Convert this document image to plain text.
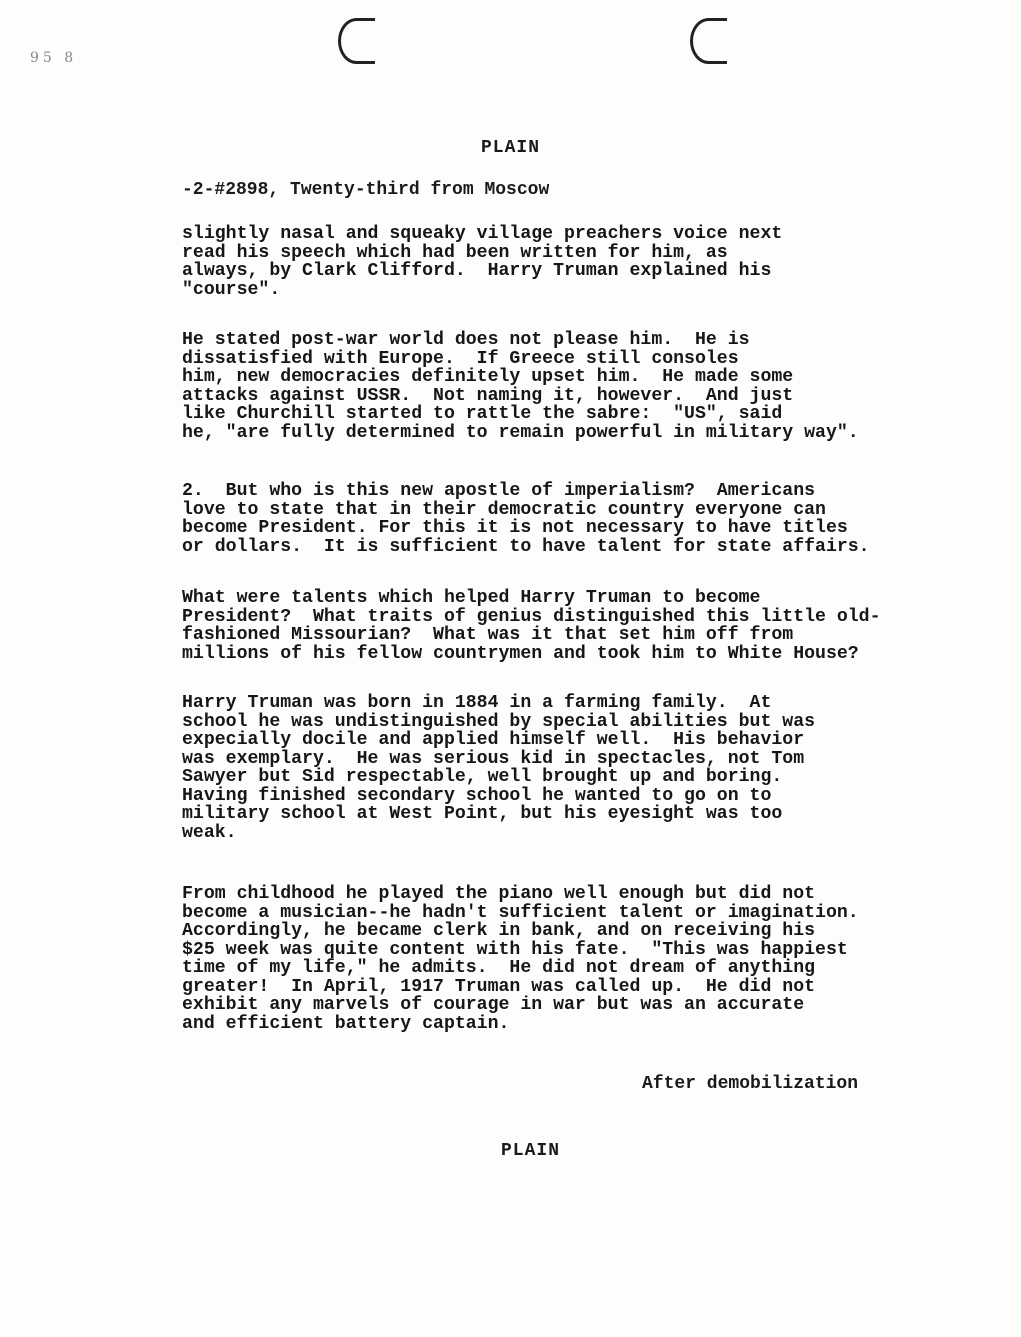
95 8
PLAIN
-2-#2898, Twenty-third from Moscow

slightly nasal and squeaky village preachers voice next
read his speech which had been written for him, as
always, by Clark Clifford.  Harry Truman explained his
"course".

He stated post-war world does not please him.  He is
dissatisfied with Europe.  If Greece still consoles
him, new democracies definitely upset him.  He made some
attacks against USSR.  Not naming it, however.  And just
like Churchill started to rattle the sabre:  "US", said
he, "are fully determined to remain powerful in military way".

2.  But who is this new apostle of imperialism?  Americans
love to state that in their democratic country everyone can
become President. For this it is not necessary to have titles
or dollars.  It is sufficient to have talent for state affairs.

What were talents which helped Harry Truman to become
President?  What traits of genius distinguished this little old-
fashioned Missourian?  What was it that set him off from
millions of his fellow countrymen and took him to White House?

Harry Truman was born in 1884 in a farming family.  At
school he was undistinguished by special abilities but was
expecially docile and applied himself well.  His behavior
was exemplary.  He was serious kid in spectacles, not Tom
Sawyer but Sid respectable, well brought up and boring.
Having finished secondary school he wanted to go on to
military school at West Point, but his eyesight was too
weak.

From childhood he played the piano well enough but did not
become a musician--he hadn't sufficient talent or imagination.
Accordingly, he became clerk in bank, and on receiving his
$25 week was quite content with his fate.  "This was happiest
time of my life," he admits.  He did not dream of anything
greater!  In April, 1917 Truman was called up.  He did not
exhibit any marvels of courage in war but was an accurate
and efficient battery captain.

After demobilization
PLAIN
